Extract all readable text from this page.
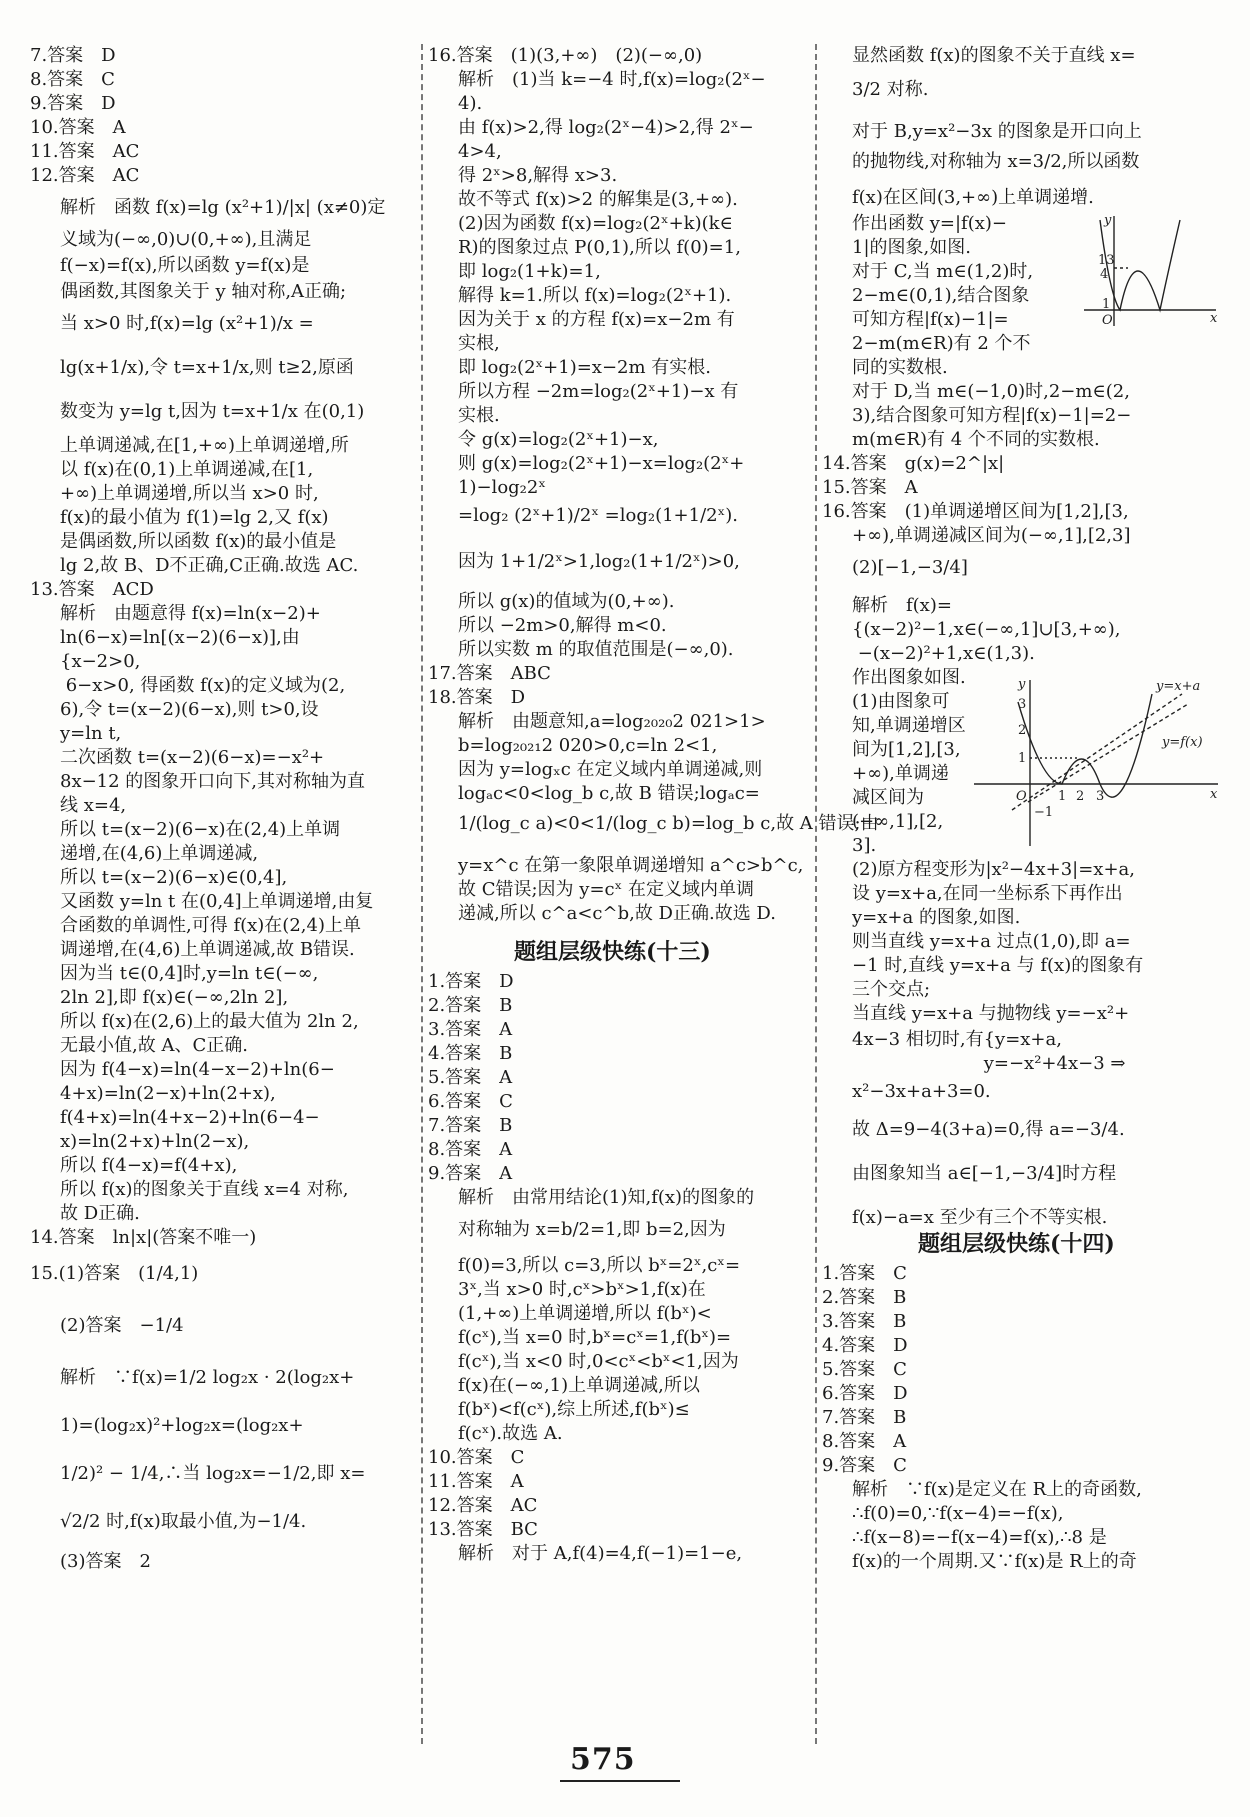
7.答案　D
8.答案　C
9.答案　D
10.答案　A
11.答案　AC
12.答案　AC
解析　函数 f(x)=lg (x²+1)/|x| (x≠0)定
义域为(−∞,0)∪(0,+∞),且满足
f(−x)=f(x),所以函数 y=f(x)是
偶函数,其图象关于 y 轴对称,A正确;
当 x>0 时,f(x)=lg (x²+1)/x =
lg(x+1/x),令 t=x+1/x,则 t≥2,原函
数变为 y=lg t,因为 t=x+1/x 在(0,1)
上单调递减,在[1,+∞)上单调递增,所
以 f(x)在(0,1)上单调递减,在[1,
+∞)上单调递增,所以当 x>0 时,
f(x)的最小值为 f(1)=lg 2,又 f(x)
是偶函数,所以函数 f(x)的最小值是
lg 2,故 B、D不正确,C正确.故选 AC.
13.答案　ACD
解析　由题意得 f(x)=ln(x−2)+
ln(6−x)=ln[(x−2)(6−x)],由
{x−2>0,
6−x>0, 得函数 f(x)的定义域为(2,
6),令 t=(x−2)(6−x),则 t>0,设
y=ln t,
二次函数 t=(x−2)(6−x)=−x²+
8x−12 的图象开口向下,其对称轴为直
线 x=4,
所以 t=(x−2)(6−x)在(2,4)上单调
递增,在(4,6)上单调递减,
所以 t=(x−2)(6−x)∈(0,4],
又函数 y=ln t 在(0,4]上单调递增,由复
合函数的单调性,可得 f(x)在(2,4)上单
调递增,在(4,6)上单调递减,故 B错误.
因为当 t∈(0,4]时,y=ln t∈(−∞,
2ln 2],即 f(x)∈(−∞,2ln 2],
所以 f(x)在(2,6)上的最大值为 2ln 2,
无最小值,故 A、C正确.
因为 f(4−x)=ln(4−x−2)+ln(6−
4+x)=ln(2−x)+ln(2+x),
f(4+x)=ln(4+x−2)+ln(6−4−
x)=ln(2+x)+ln(2−x),
所以 f(4−x)=f(4+x),
所以 f(x)的图象关于直线 x=4 对称,
故 D正确.
14.答案　ln|x|(答案不唯一)
15.(1)答案　(1/4,1)
(2)答案　−1/4
解析　∵f(x)=1/2 log₂x · 2(log₂x+
1)=(log₂x)²+log₂x=(log₂x+
1/2)² − 1/4,∴当 log₂x=−1/2,即 x=
√2/2 时,f(x)取最小值,为−1/4.
(3)答案　2
题组层级快练(十三)
16.答案　(1)(3,+∞)　(2)(−∞,0)
解析　(1)当 k=−4 时,f(x)=log₂(2ˣ−
4).
由 f(x)>2,得 log₂(2ˣ−4)>2,得 2ˣ−
4>4,
得 2ˣ>8,解得 x>3.
故不等式 f(x)>2 的解集是(3,+∞).
(2)因为函数 f(x)=log₂(2ˣ+k)(k∈
R)的图象过点 P(0,1),所以 f(0)=1,
即 log₂(1+k)=1,
解得 k=1.所以 f(x)=log₂(2ˣ+1).
因为关于 x 的方程 f(x)=x−2m 有
实根,
即 log₂(2ˣ+1)=x−2m 有实根.
所以方程 −2m=log₂(2ˣ+1)−x 有
实根.
令 g(x)=log₂(2ˣ+1)−x,
则 g(x)=log₂(2ˣ+1)−x=log₂(2ˣ+
1)−log₂2ˣ
=log₂ (2ˣ+1)/2ˣ =log₂(1+1/2ˣ).
因为 1+1/2ˣ>1,log₂(1+1/2ˣ)>0,
所以 g(x)的值域为(0,+∞).
所以 −2m>0,解得 m<0.
所以实数 m 的取值范围是(−∞,0).
17.答案　ABC
18.答案　D
解析　由题意知,a=log₂₀₂₀2 021>1>
b=log₂₀₂₁2 020>0,c=ln 2<1,
因为 y=logₓc 在定义域内单调递减,则
logₐc<0<log_b c,故 B 错误;logₐc=
1/(log_c a)<0<1/(log_c b)=log_b c,故 A 错误;由
y=x^c 在第一象限单调递增知 a^c>b^c,
故 C错误;因为 y=cˣ 在定义域内单调
递减,所以 c^a<c^b,故 D正确.故选 D.
1.答案　D
2.答案　B
3.答案　A
4.答案　B
5.答案　A
6.答案　C
7.答案　B
8.答案　A
9.答案　A
解析　由常用结论(1)知,f(x)的图象的
对称轴为 x=b/2=1,即 b=2,因为
f(0)=3,所以 c=3,所以 bˣ=2ˣ,cˣ=
3ˣ,当 x>0 时,cˣ>bˣ>1,f(x)在
(1,+∞)上单调递增,所以 f(bˣ)<
f(cˣ),当 x=0 时,bˣ=cˣ=1,f(bˣ)=
f(cˣ),当 x<0 时,0<cˣ<bˣ<1,因为
f(x)在(−∞,1)上单调递减,所以
f(bˣ)<f(cˣ),综上所述,f(bˣ)≤
f(cˣ).故选 A.
10.答案　C
11.答案　A
12.答案　AC
13.答案　BC
解析　对于 A,f(4)=4,f(−1)=1−e,
题组层级快练(十四)
y
x
O
13
4
1
y
x
O
3
2
1
−1
1 2 3
y=x+a
y=f(x)
显然函数 f(x)的图象不关于直线 x=
3/2 对称.
对于 B,y=x²−3x 的图象是开口向上
的抛物线,对称轴为 x=3/2,所以函数
f(x)在区间(3,+∞)上单调递增.
作出函数 y=|f(x)−
1|的图象,如图.
对于 C,当 m∈(1,2)时,
2−m∈(0,1),结合图象
可知方程|f(x)−1|=
2−m(m∈R)有 2 个不
同的实数根.
对于 D,当 m∈(−1,0)时,2−m∈(2,
3),结合图象可知方程|f(x)−1|=2−
m(m∈R)有 4 个不同的实数根.
14.答案　g(x)=2^|x|
15.答案　A
16.答案　(1)单调递增区间为[1,2],[3,
+∞),单调递减区间为(−∞,1],[2,3]
(2)[−1,−3/4]
解析　f(x)=
{(x−2)²−1,x∈(−∞,1]∪[3,+∞),
−(x−2)²+1,x∈(1,3).
作出图象如图.
(1)由图象可
知,单调递增区
间为[1,2],[3,
+∞),单调递
减区间为
(−∞,1],[2,
3].
(2)原方程变形为|x²−4x+3|=x+a,
设 y=x+a,在同一坐标系下再作出
y=x+a 的图象,如图.
则当直线 y=x+a 过点(1,0),即 a=
−1 时,直线 y=x+a 与 f(x)的图象有
三个交点;
当直线 y=x+a 与抛物线 y=−x²+
4x−3 相切时,有{y=x+a,
　　　　　　　 y=−x²+4x−3 ⇒
x²−3x+a+3=0.
故 Δ=9−4(3+a)=0,得 a=−3/4.
由图象知当 a∈[−1,−3/4]时方程
f(x)−a=x 至少有三个不等实根.
1.答案　C
2.答案　B
3.答案　B
4.答案　D
5.答案　C
6.答案　D
7.答案　B
8.答案　A
9.答案　C
解析　∵f(x)是定义在 R上的奇函数,
∴f(0)=0,∵f(x−4)=−f(x),
∴f(x−8)=−f(x−4)=f(x),∴8 是
f(x)的一个周期.又∵f(x)是 R上的奇
575
